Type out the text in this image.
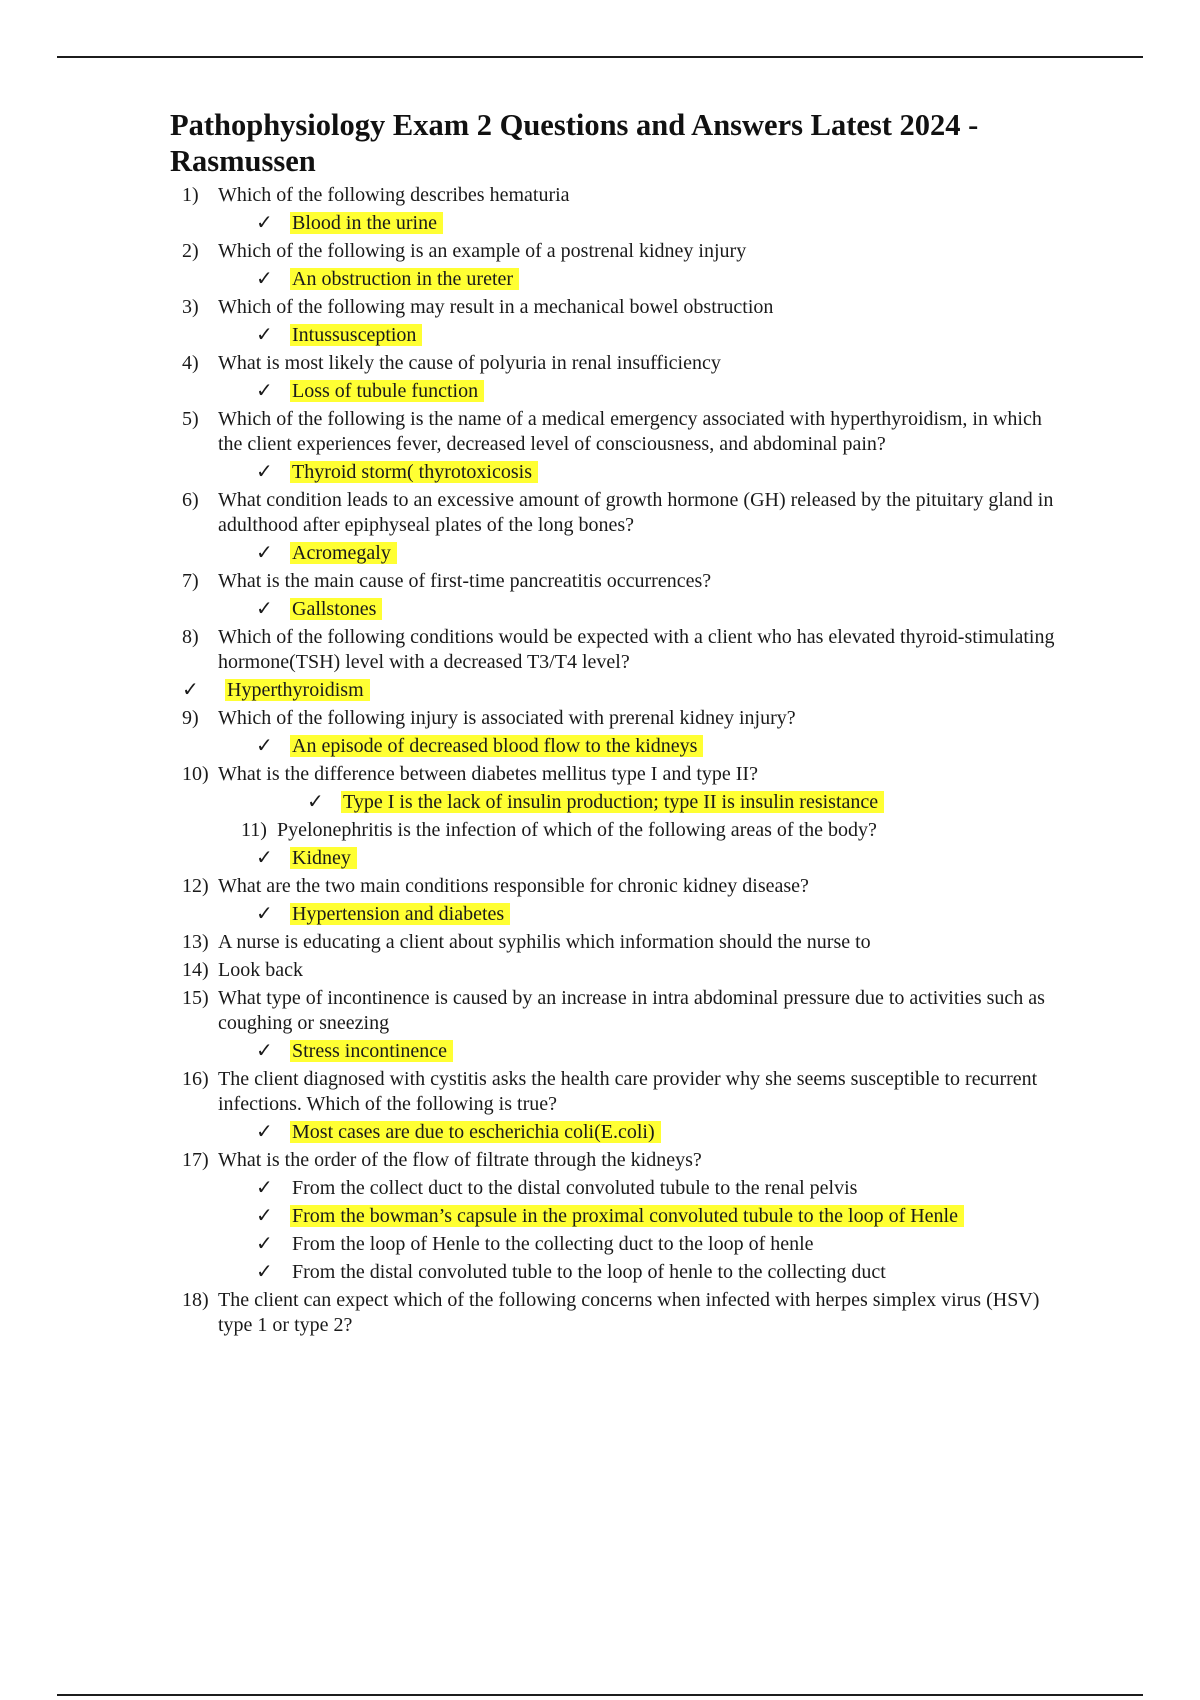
Pathophysiology Exam 2 Questions and Answers Latest 2024 - Rasmussen
1) Which of the following describes hematuria
✓ Blood in the urine
2) Which of the following is an example of a postrenal kidney injury
✓ An obstruction in the ureter
3) Which of the following may result in a mechanical bowel obstruction
✓ Intussusception
4) What is most likely the cause of polyuria in renal insufficiency
✓ Loss of tubule function
5) Which of the following is the name of a medical emergency associated with hyperthyroidism, in which the client experiences fever, decreased level of consciousness, and abdominal pain?
✓ Thyroid storm( thyrotoxicosis
6) What condition leads to an excessive amount of growth hormone (GH) released by the pituitary gland in adulthood after epiphyseal plates of the long bones?
✓ Acromegaly
7) What is the main cause of first-time pancreatitis occurrences?
✓ Gallstones
8) Which of the following conditions would be expected with a client who has elevated thyroid-stimulating hormone(TSH) level with a decreased T3/T4 level?
✓ Hyperthyroidism
9) Which of the following injury is associated with prerenal kidney injury?
✓ An episode of decreased blood flow to the kidneys
10) What is the difference between diabetes mellitus type I and type II?
✓ Type I is the lack of insulin production; type II is insulin resistance
11) Pyelonephritis is the infection of which of the following areas of the body?
✓ Kidney
12) What are the two main conditions responsible for chronic kidney disease?
✓ Hypertension and diabetes
13) A nurse is educating a client about syphilis which information should the nurse to
14) Look back
15) What type of incontinence is caused by an increase in intra abdominal pressure due to activities such as coughing or sneezing
✓ Stress incontinence
16) The client diagnosed with cystitis asks the health care provider why she seems susceptible to recurrent infections. Which of the following is true?
✓ Most cases are due to escherichia coli(E.coli)
17) What is the order of the flow of filtrate through the kidneys?
✓ From the collect duct to the distal convoluted tubule to the renal pelvis
✓ From the bowman’s capsule in the proximal convoluted tubule to the loop of Henle
✓ From the loop of Henle to the collecting duct to the loop of henle
✓ From the distal convoluted tuble to the loop of henle to the collecting duct
18) The client can expect which of the following concerns when infected with herpes simplex virus (HSV) type 1 or type 2?
